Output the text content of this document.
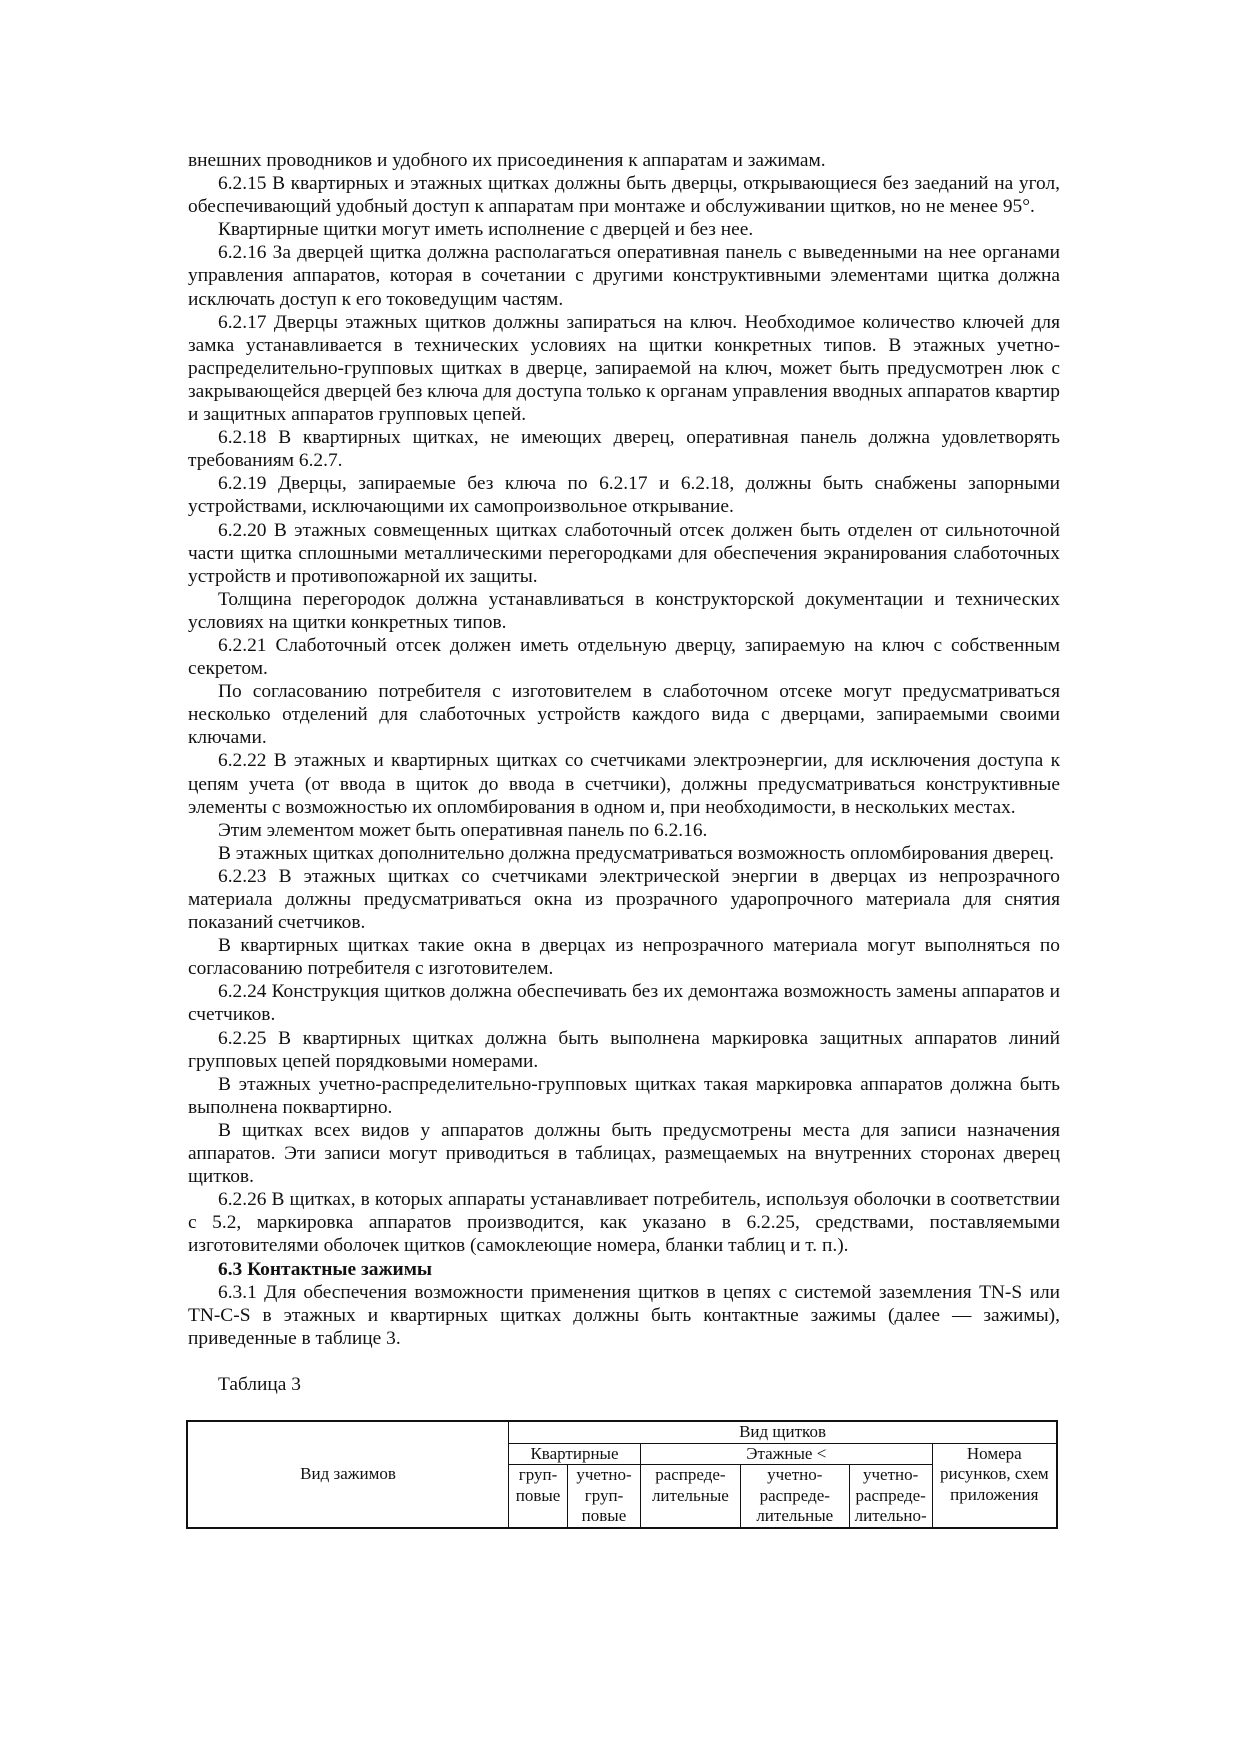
внешних проводников и удобного их присоединения к аппаратам и зажимам.

6.2.15 В квартирных и этажных щитках должны быть дверцы, открывающиеся без заеданий на угол, обеспечивающий удобный доступ к аппаратам при монтаже и обслуживании щитков, но не менее 95°.

Квартирные щитки могут иметь исполнение с дверцей и без нее.

6.2.16 За дверцей щитка должна располагаться оперативная панель с выведенными на нее органами управления аппаратов, которая в сочетании с другими конструктивными элементами щитка должна исключать доступ к его токоведущим частям.

6.2.17 Дверцы этажных щитков должны запираться на ключ. Необходимое количество ключей для замка устанавливается в технических условиях на щитки конкретных типов. В этажных учетно-распределительно-групповых щитках в дверце, запираемой на ключ, может быть предусмотрен люк с закрывающейся дверцей без ключа для доступа только к органам управления вводных аппаратов квартир и защитных аппаратов групповых цепей.

6.2.18 В квартирных щитках, не имеющих дверец, оперативная панель должна удовлетворять требованиям 6.2.7.

6.2.19 Дверцы, запираемые без ключа по 6.2.17 и 6.2.18, должны быть снабжены запорными устройствами, исключающими их самопроизвольное открывание.

6.2.20 В этажных совмещенных щитках слаботочный отсек должен быть отделен от сильноточной части щитка сплошными металлическими перегородками для обеспечения экранирования слаботочных устройств и противопожарной их защиты.

Толщина перегородок должна устанавливаться в конструкторской документации и технических условиях на щитки конкретных типов.

6.2.21 Слаботочный отсек должен иметь отдельную дверцу, запираемую на ключ с собственным секретом.

По согласованию потребителя с изготовителем в слаботочном отсеке могут предусматриваться несколько отделений для слаботочных устройств каждого вида с дверцами, запираемыми своими ключами.

6.2.22 В этажных и квартирных щитках со счетчиками электроэнергии, для исключения доступа к цепям учета (от ввода в щиток до ввода в счетчики), должны предусматриваться конструктивные элементы с возможностью их опломбирования в одном и, при необходимости, в нескольких местах.

Этим элементом может быть оперативная панель по 6.2.16.

В этажных щитках дополнительно должна предусматриваться возможность опломбирования дверец.

6.2.23 В этажных щитках со счетчиками электрической энергии в дверцах из непрозрачного материала должны предусматриваться окна из прозрачного ударопрочного материала для снятия показаний счетчиков.

В квартирных щитках такие окна в дверцах из непрозрачного материала могут выполняться по согласованию потребителя с изготовителем.

6.2.24 Конструкция щитков должна обеспечивать без их демонтажа возможность замены аппаратов и счетчиков.

6.2.25 В квартирных щитках должна быть выполнена маркировка защитных аппаратов линий групповых цепей порядковыми номерами.

В этажных учетно-распределительно-групповых щитках такая маркировка аппаратов должна быть выполнена поквартирно.

В щитках всех видов у аппаратов должны быть предусмотрены места для записи назначения аппаратов. Эти записи могут приводиться в таблицах, размещаемых на внутренних сторонах дверец щитков.

6.2.26 В щитках, в которых аппараты устанавливает потребитель, используя оболочки в соответствии с 5.2, маркировка аппаратов производится, как указано в 6.2.25, средствами, поставляемыми изготовителями оболочек щитков (самоклеющие номера, бланки таблиц и т. п.).

6.3 Контактные зажимы

6.3.1 Для обеспечения возможности применения щитков в цепях с системой заземления TN-S или TN-C-S в этажных и квартирных щитках должны быть контактные зажимы (далее — зажимы), приведенные в таблице 3.

Таблица 3
Вид зажимов	Вид щитков					
	Квартирные		Этажные <			Номера рисунков, схем приложения
	груп-повые	учетно-груп-повые	распреде-лительные	учетно-распреде-лительные	учетно-распреде-лительно-	
